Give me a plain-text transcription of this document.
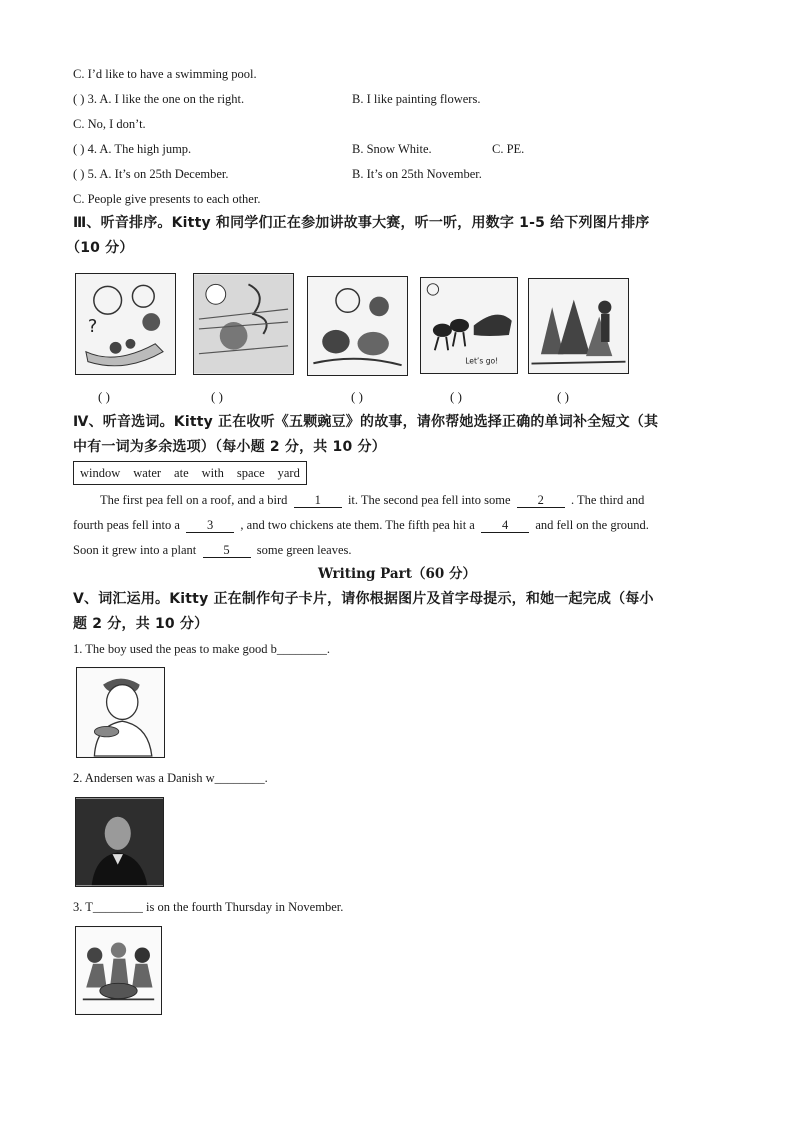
C. I’d like to have a swimming pool.
( ) 3. A. I like the one on the right.	B. I like painting flowers.
C. No, I don’t.
( ) 4. A. The high jump.	B. Snow White.	C. PE.
( ) 5. A. It’s on 25th December.	B. It’s on 25th November.
C. People give presents to each other.
Ⅲ、听音排序。Kitty 和同学们正在参加讲故事大赛，听一听，用数字 1-5 给下列图片排序
（10 分）
?
Let’s go!
( )	( )	( )	( )	( )
Ⅳ、听音选词。Kitty 正在收听《五颗豌豆》的故事，请你帮她选择正确的单词补全短文（其
中有一词为多余选项）（每小题 2 分，共 10 分）
window water ate with space yard
The first pea fell on a roof, and a bird 1 it. The second pea fell into some 2 . The third and
fourth peas fell into a 3 , and two chickens ate them. The fifth pea hit a 4 and fell on the ground.
Soon it grew into a plant 5 some green leaves.
Writing Part（60 分）
Ⅴ、词汇运用。Kitty 正在制作句子卡片，请你根据图片及首字母提示，和她一起完成（每小
题 2 分，共 10 分）
1. The boy used the peas to make good b________.
2. Andersen was a Danish w________.
3. T________ is on the fourth Thursday in November.
